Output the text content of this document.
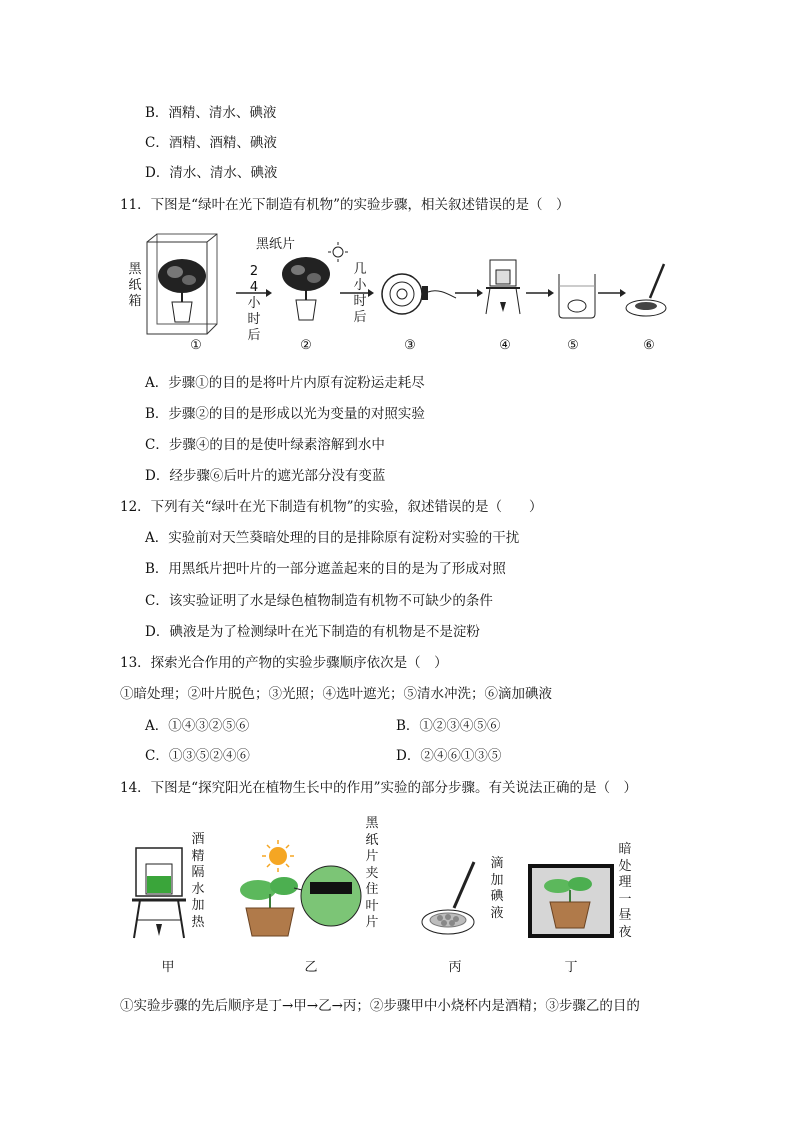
B．酒精、清水、碘液
C．酒精、酒精、碘液
D．清水、清水、碘液
11．下图是“绿叶在光下制造有机物”的实验步骤，相关叙述错误的是（　）
黑纸箱
24小时后
黑纸片
几小时后
①	②	③	④	⑤	⑥
A．步骤①的目的是将叶片内原有淀粉运走耗尽
B．步骤②的目的是形成以光为变量的对照实验
C．步骤④的目的是使叶绿素溶解到水中
D．经步骤⑥后叶片的遮光部分没有变蓝
12．下列有关“绿叶在光下制造有机物”的实验，叙述错误的是（　　）
A．实验前对天竺葵暗处理的目的是排除原有淀粉对实验的干扰
B．用黑纸片把叶片的一部分遮盖起来的目的是为了形成对照
C．该实验证明了水是绿色植物制造有机物不可缺少的条件
D．碘液是为了检测绿叶在光下制造的有机物是不是淀粉
13．探索光合作用的产物的实验步骤顺序依次是（　）
①暗处理；②叶片脱色；③光照；④选叶遮光；⑤清水冲洗；⑥滴加碘液
A．①④③②⑤⑥	B．①②③④⑤⑥
C．①③⑤②④⑥	D．②④⑥①③⑤
14．下图是“探究阳光在植物生长中的作用”实验的部分步骤。有关说法正确的是（　）
酒精隔水加热
黑纸片夹住叶片
滴加碘液
暗处理一昼夜
甲	乙	丙	丁
①实验步骤的先后顺序是丁→甲→乙→丙；②步骤甲中小烧杯内是酒精；③步骤乙的目的
